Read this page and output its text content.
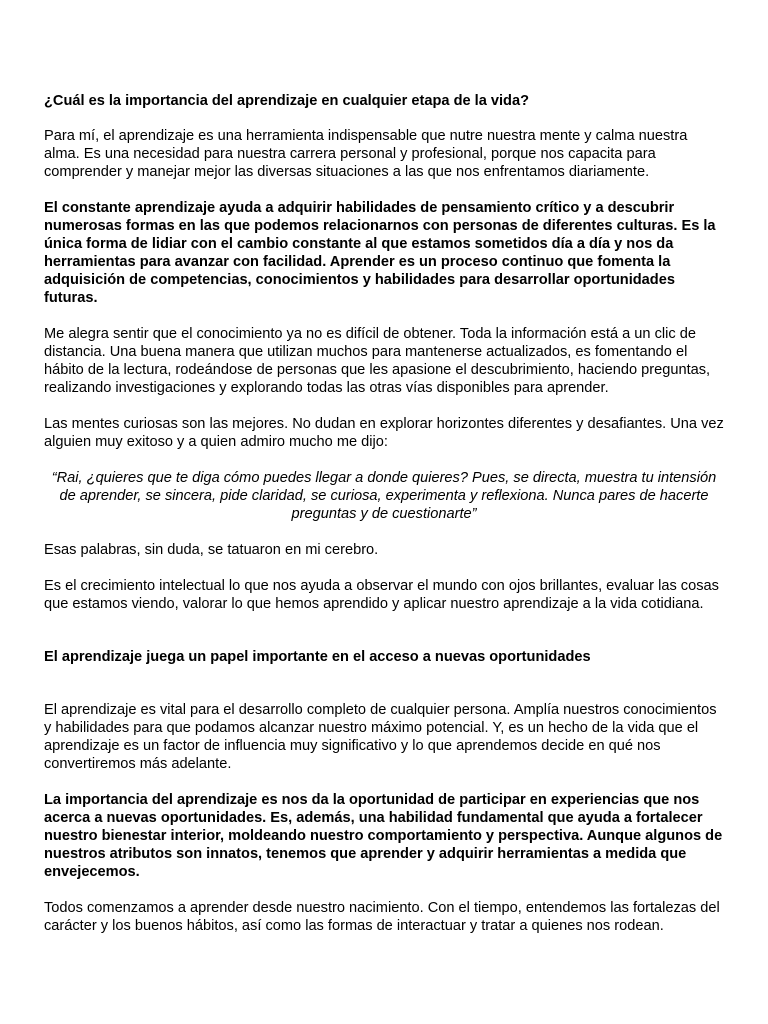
¿Cuál es la importancia del aprendizaje en cualquier etapa de la vida?
Para mí, el aprendizaje es una herramienta indispensable que nutre nuestra mente y calma nuestra alma. Es una necesidad para nuestra carrera personal y profesional, porque nos capacita para comprender y manejar mejor las diversas situaciones a las que nos enfrentamos diariamente.
El constante aprendizaje ayuda a adquirir habilidades de pensamiento crítico y a descubrir numerosas formas en las que podemos relacionarnos con personas de diferentes culturas. Es la única forma de lidiar con el cambio constante al que estamos sometidos día a día y nos da herramientas para avanzar con facilidad. Aprender es un proceso continuo que fomenta la adquisición de competencias, conocimientos y habilidades para desarrollar oportunidades futuras.
Me alegra sentir que el conocimiento ya no es difícil de obtener. Toda la información está a un clic de distancia. Una buena manera que utilizan muchos para mantenerse actualizados, es fomentando el hábito de la lectura, rodeándose de personas que les apasione el descubrimiento, haciendo preguntas, realizando investigaciones y explorando todas las otras vías disponibles para aprender.
Las mentes curiosas son las mejores. No dudan en explorar horizontes diferentes y desafiantes. Una vez alguien muy exitoso y a quien admiro mucho me dijo:
“Rai, ¿quieres que te diga cómo puedes llegar a donde quieres? Pues, se directa, muestra tu intensión de aprender, se sincera, pide claridad, se curiosa, experimenta y reflexiona. Nunca pares de hacerte preguntas y de cuestionarte”
Esas palabras, sin duda, se tatuaron en mi cerebro.
Es el crecimiento intelectual lo que nos ayuda a observar el mundo con ojos brillantes, evaluar las cosas que estamos viendo, valorar lo que hemos aprendido y aplicar nuestro aprendizaje a la vida cotidiana.
El aprendizaje juega un papel importante en el acceso a nuevas oportunidades
El aprendizaje es vital para el desarrollo completo de cualquier persona. Amplía nuestros conocimientos y habilidades para que podamos alcanzar nuestro máximo potencial. Y, es un hecho de la vida que el aprendizaje es un factor de influencia muy significativo y lo que aprendemos decide en qué nos convertiremos más adelante.
La importancia del aprendizaje es nos da la oportunidad de participar en experiencias que nos acerca a nuevas oportunidades. Es, además, una habilidad fundamental que ayuda a fortalecer nuestro bienestar interior, moldeando nuestro comportamiento y perspectiva. Aunque algunos de nuestros atributos son innatos, tenemos que aprender y adquirir herramientas a medida que envejecemos.
Todos comenzamos a aprender desde nuestro nacimiento. Con el tiempo, entendemos las fortalezas del carácter y los buenos hábitos, así como las formas de interactuar y tratar a quienes nos rodean.
